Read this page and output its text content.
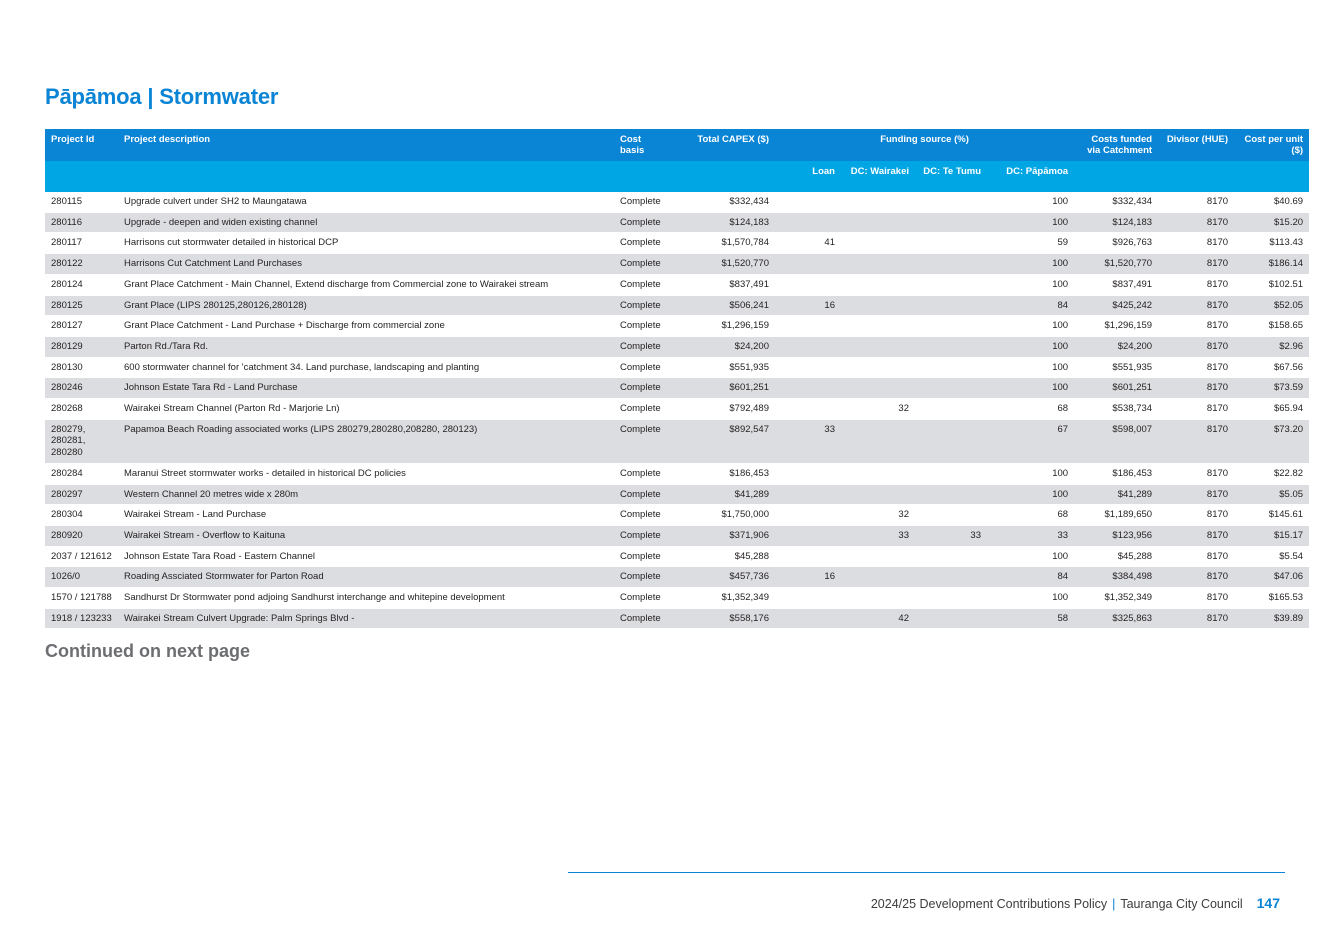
Pāpāmoa | Stormwater
Project Id	Project description	Cost basis	Total CAPEX ($)	Funding source (%)				Costs funded via Catchment	Divisor (HUE)	Cost per unit ($)
				Loan	DC: Wairakei	DC: Te Tumu	DC: Pāpāmoa			
280115	Upgrade culvert under SH2 to Maungatawa	Complete	$332,434				100	$332,434	8170	$40.69
280116	Upgrade - deepen and widen existing channel	Complete	$124,183				100	$124,183	8170	$15.20
280117	Harrisons cut stormwater detailed in historical DCP	Complete	$1,570,784	41			59	$926,763	8170	$113.43
280122	Harrisons Cut Catchment Land Purchases	Complete	$1,520,770				100	$1,520,770	8170	$186.14
280124	Grant Place Catchment - Main Channel, Extend discharge from Commercial zone to Wairakei stream	Complete	$837,491				100	$837,491	8170	$102.51
280125	Grant Place (LIPS 280125,280126,280128)	Complete	$506,241	16			84	$425,242	8170	$52.05
280127	Grant Place Catchment - Land Purchase + Discharge from commercial zone	Complete	$1,296,159				100	$1,296,159	8170	$158.65
280129	Parton Rd./Tara Rd.	Complete	$24,200				100	$24,200	8170	$2.96
280130	600 stormwater channel for 'catchment 34. Land purchase, landscaping and planting	Complete	$551,935				100	$551,935	8170	$67.56
280246	Johnson Estate Tara Rd - Land Purchase	Complete	$601,251				100	$601,251	8170	$73.59
280268	Wairakei Stream Channel (Parton Rd - Marjorie Ln)	Complete	$792,489		32		68	$538,734	8170	$65.94
280279, 280281, 280280	Papamoa Beach Roading associated works (LIPS 280279,280280,208280, 280123)	Complete	$892,547	33			67	$598,007	8170	$73.20
280284	Maranui Street stormwater works - detailed in historical DC policies	Complete	$186,453				100	$186,453	8170	$22.82
280297	Western Channel 20 metres wide x 280m	Complete	$41,289				100	$41,289	8170	$5.05
280304	Wairakei Stream - Land Purchase	Complete	$1,750,000		32		68	$1,189,650	8170	$145.61
280920	Wairakei Stream - Overflow to Kaituna	Complete	$371,906		33	33	33	$123,956	8170	$15.17
2037 / 121612	Johnson Estate Tara Road - Eastern Channel	Complete	$45,288				100	$45,288	8170	$5.54
1026/0	Roading Assciated Stormwater for Parton Road	Complete	$457,736	16			84	$384,498	8170	$47.06
1570 / 121788	Sandhurst Dr Stormwater pond adjoing Sandhurst interchange and whitepine development	Complete	$1,352,349				100	$1,352,349	8170	$165.53
1918 / 123233	Wairakei Stream Culvert Upgrade: Palm Springs Blvd -	Complete	$558,176		42		58	$325,863	8170	$39.89

Continued on next page

2024/25 Development Contributions Policy | Tauranga City Council 147
